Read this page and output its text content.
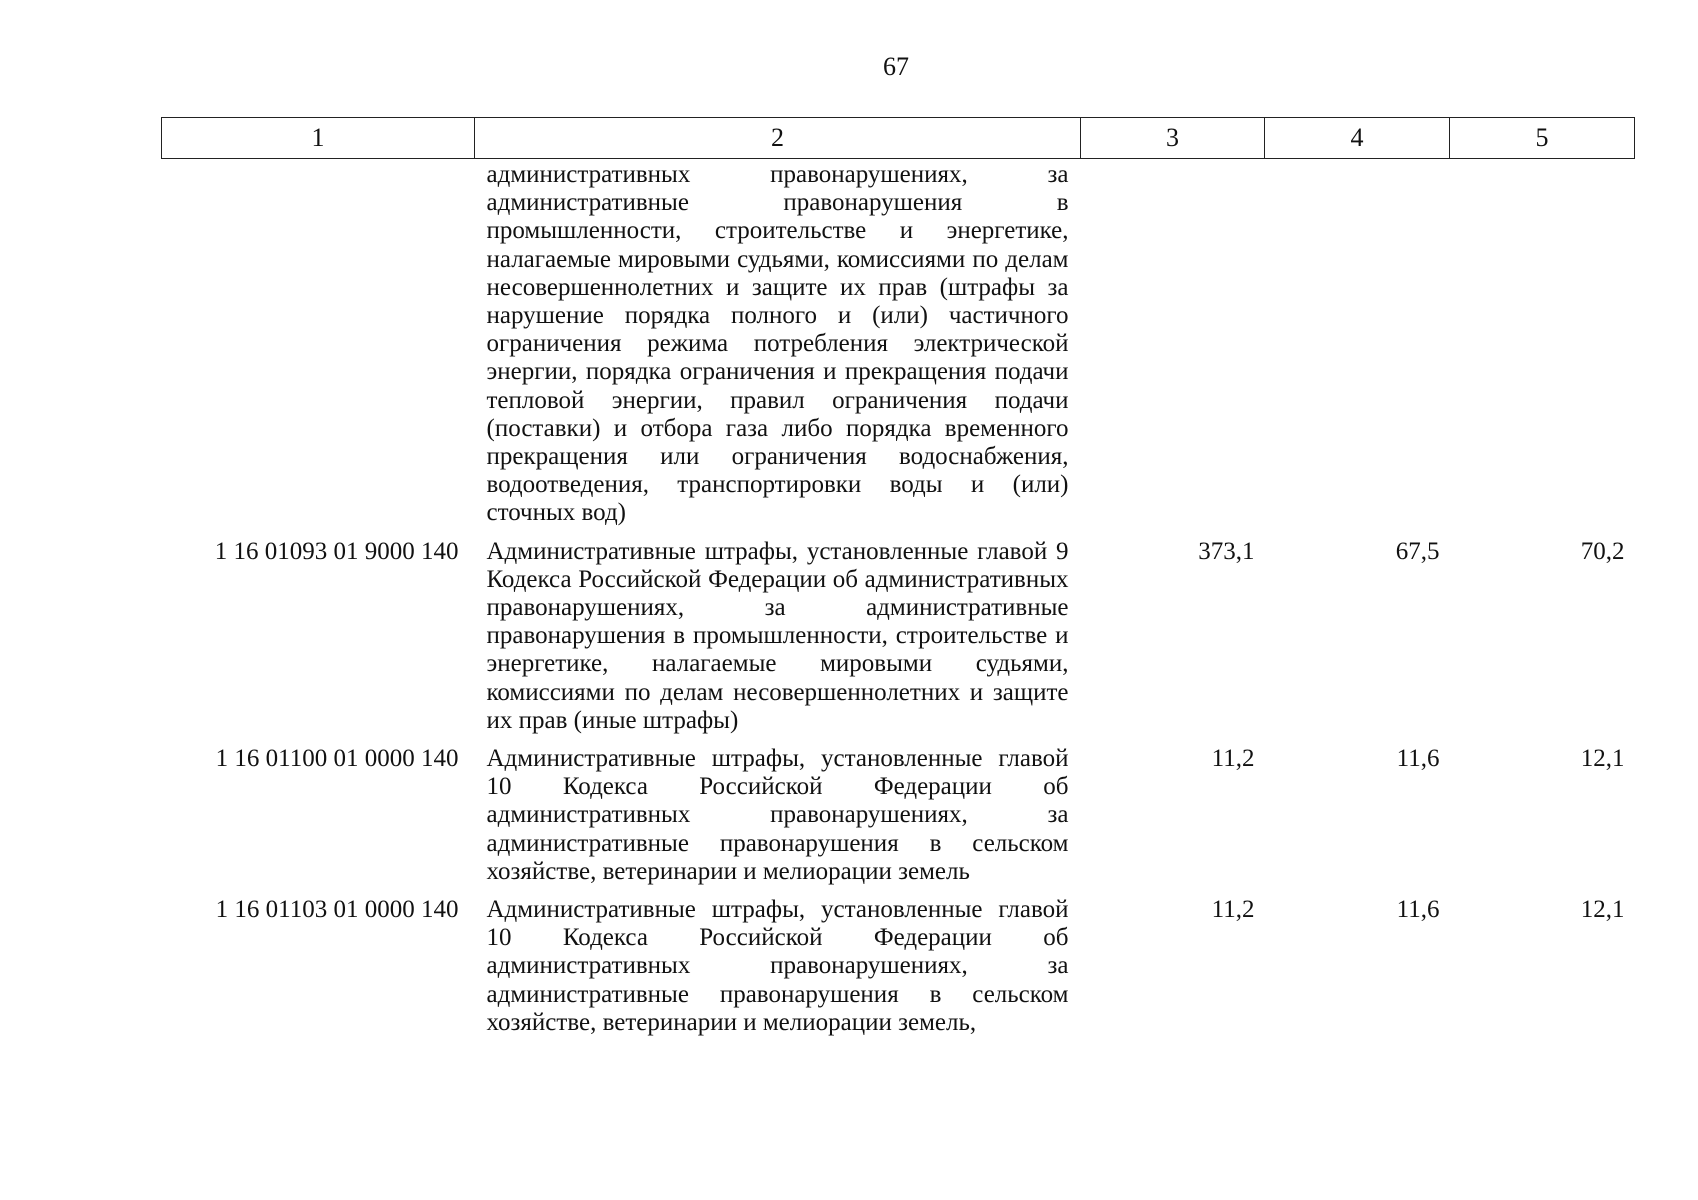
67
1	2	3	4	5
	административных правонарушениях, за административные правонарушения в промышленности, строительстве и энергетике, налагаемые мировыми судьями, комиссиями по делам несовершеннолетних и защите их прав (штрафы за нарушение порядка полного и (или) частичного ограничения режима потребления электрической энергии, порядка ограничения и прекращения подачи тепловой энергии, правил ограничения подачи (поставки) и отбора газа либо порядка временного прекращения или ограничения водоснабжения, водоотведения, транспортировки воды и (или) сточных вод)			
1 16 01093 01 9000 140	Административные штрафы, установленные главой 9 Кодекса Российской Федерации об административных правонарушениях, за административные правонарушения в промышленности, строительстве и энергетике, налагаемые мировыми судьями, комиссиями по делам несовершеннолетних и защите их прав (иные штрафы)	373,1	67,5	70,2
1 16 01100 01 0000 140	Административные штрафы, установленные главой 10 Кодекса Российской Федерации об административных правонарушениях, за административные правонарушения в сельском хозяйстве, ветеринарии и мелиорации земель	11,2	11,6	12,1
1 16 01103 01 0000 140	Административные штрафы, установленные главой 10 Кодекса Российской Федерации об административных правонарушениях, за административные правонарушения в сельском хозяйстве, ветеринарии и мелиорации земель,	11,2	11,6	12,1
